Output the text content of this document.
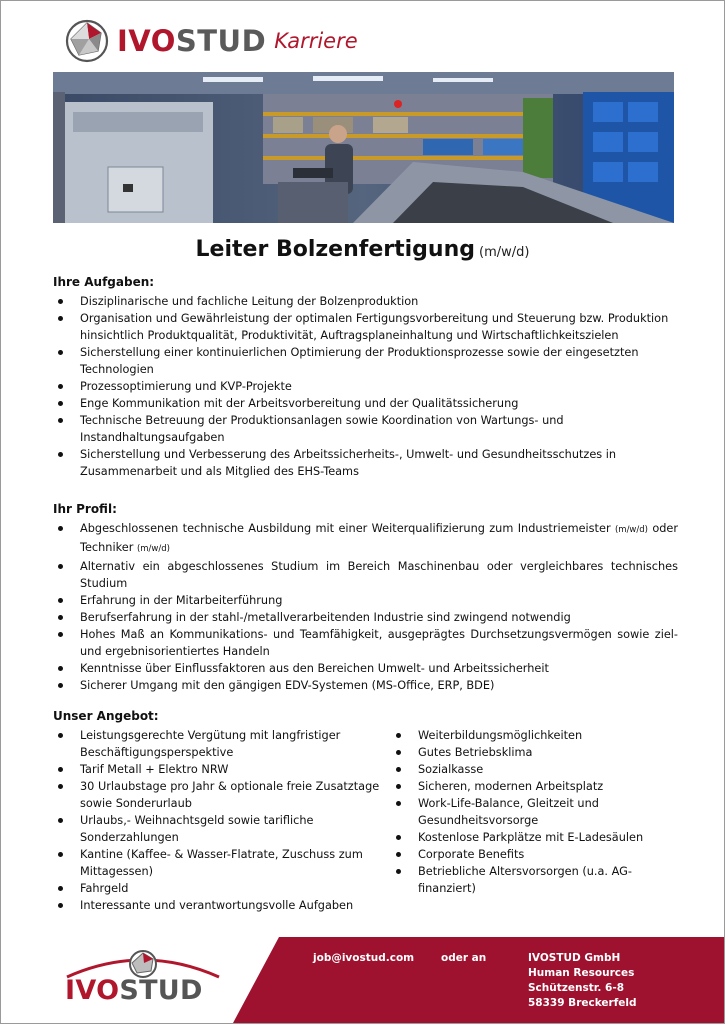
IVOSTUD Karriere
Leiter Bolzenfertigung (m/w/d)
Ihre Aufgaben:
Disziplinarische und fachliche Leitung der Bolzenproduktion
Organisation und Gewährleistung der optimalen Fertigungsvorbereitung und Steuerung bzw. Produktion hinsichtlich Produktqualität, Produktivität, Auftragsplaneinhaltung und Wirtschaftlichkeitszielen
Sicherstellung einer kontinuierlichen Optimierung der Produktionsprozesse sowie der eingesetzten Technologien
Prozessoptimierung und KVP-Projekte
Enge Kommunikation mit der Arbeitsvorbereitung und der Qualitätssicherung
Technische Betreuung der Produktionsanlagen sowie Koordination von Wartungs- und Instandhaltungsaufgaben
Sicherstellung und Verbesserung des Arbeitssicherheits-, Umwelt- und Gesundheitsschutzes in Zusammenarbeit und als Mitglied des EHS-Teams
Ihr Profil:
Abgeschlossenen technische Ausbildung mit einer Weiterqualifizierung zum Industriemeister (m/w/d) oder Techniker (m/w/d)
Alternativ ein abgeschlossenes Studium im Bereich Maschinenbau oder vergleichbares technisches Studium
Erfahrung in der Mitarbeiterführung
Berufserfahrung in der stahl-/metallverarbeitenden Industrie sind zwingend notwendig
Hohes Maß an Kommunikations- und Teamfähigkeit, ausgeprägtes Durchsetzungsvermögen sowie ziel- und ergebnisorientiertes Handeln
Kenntnisse über Einflussfaktoren aus den Bereichen Umwelt- und Arbeitssicherheit
Sicherer Umgang mit den gängigen EDV-Systemen (MS-Office, ERP, BDE)
Unser Angebot:
Leistungsgerechte Vergütung mit langfristiger Beschäftigungsperspektive
Tarif Metall + Elektro NRW
30 Urlaubstage pro Jahr & optionale freie Zusatztage sowie Sonderurlaub
Urlaubs,- Weihnachtsgeld sowie tarifliche Sonderzahlungen
Kantine (Kaffee- & Wasser-Flatrate, Zuschuss zum Mittagessen)
Fahrgeld
Interessante und verantwortungsvolle Aufgaben
Weiterbildungsmöglichkeiten
Gutes Betriebsklima
Sozialkasse
Sicheren, modernen Arbeitsplatz
Work-Life-Balance, Gleitzeit und Gesundheitsvorsorge
Kostenlose Parkplätze mit E-Ladesäulen
Corporate Benefits
Betriebliche Altersvorsorgen (u.a. AG-finanziert)
IVOSTUD
job@ivostud.com	oder an	IVOSTUD GmbH
Human Resources
Schützenstr. 6-8
58339 Breckerfeld
